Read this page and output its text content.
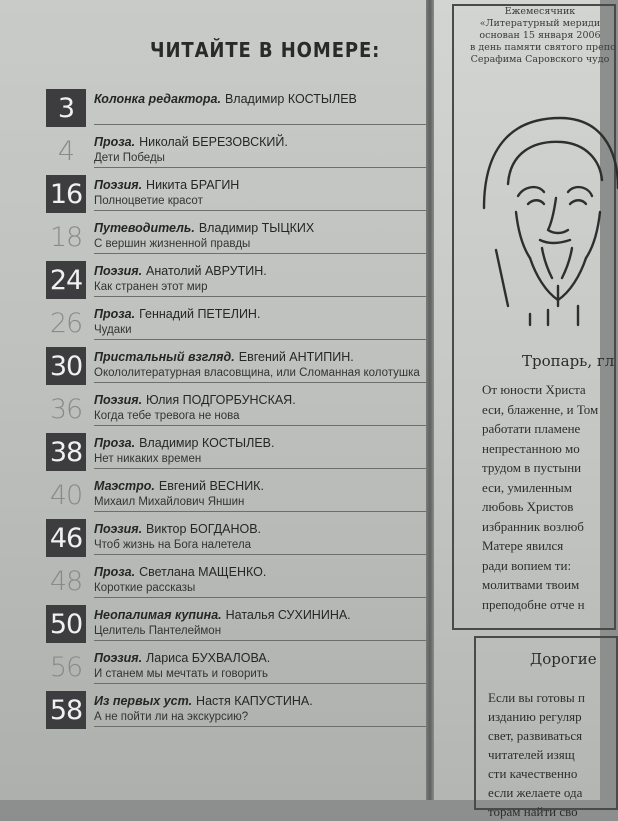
ЧИТАЙТЕ В НОМЕРЕ:
3	Колонка редактора. Владимир КОСТЫЛЕВ
4	Проза. Николай БЕРЕЗОВСКИЙ.
Дети Победы
16 Поэзия. Никита БРАГИН
Полноцветие красот
18 Путеводитель. Владимир ТЫЦКИХ
С вершин жизненной правды
24 Поэзия. Анатолий АВРУТИН.
Как странен этот мир
26 Проза. Геннадий ПЕТЕЛИН.
Чудаки
30 Пристальный взгляд. Евгений АНТИПИН.
Окололитературная власовщина, или Сломанная колотушка
36 Поэзия. Юлия ПОДГОРБУНСКАЯ.
Когда тебе тревога не нова
38 Проза. Владимир КОСТЫЛЕВ.
Нет никаких времен
40 Маэстро. Евгений ВЕСНИК.
Михаил Михайлович Яншин
46 Поэзия. Виктор БОГДАНОВ.
Чтоб жизнь на Бога налетела
48 Проза. Светлана МАЩЕНКО.
Короткие рассказы
50 Неопалимая купина. Наталья СУХИНИНА.
Целитель Пантелеймон
56 Поэзия. Лариса БУХВАЛОВА.
И станем мы мечтать и говорить
58 Из первых уст. Настя КАПУСТИНА.
А не пойти ли на экскурсию?
Ежемесячник
«Литературный мериди
основан 15 января 2006
в день памяти святого препо
Серафима Саровского чудо
Тропарь, гл
От юности Христа
еси, блаженне, и Том
работати пламене
непрестанною мо
трудом в пустыни
еси, умиленным
любовь Христов
избранник возлюб
Матере явился
ради вопием ти:
молитвами твоим
преподобне отче н
Дорогие
Если вы готовы п
изданию регуляр
свет, развиваться
читателей изящ
сти качественно
если желаете ода
торам найти сво
